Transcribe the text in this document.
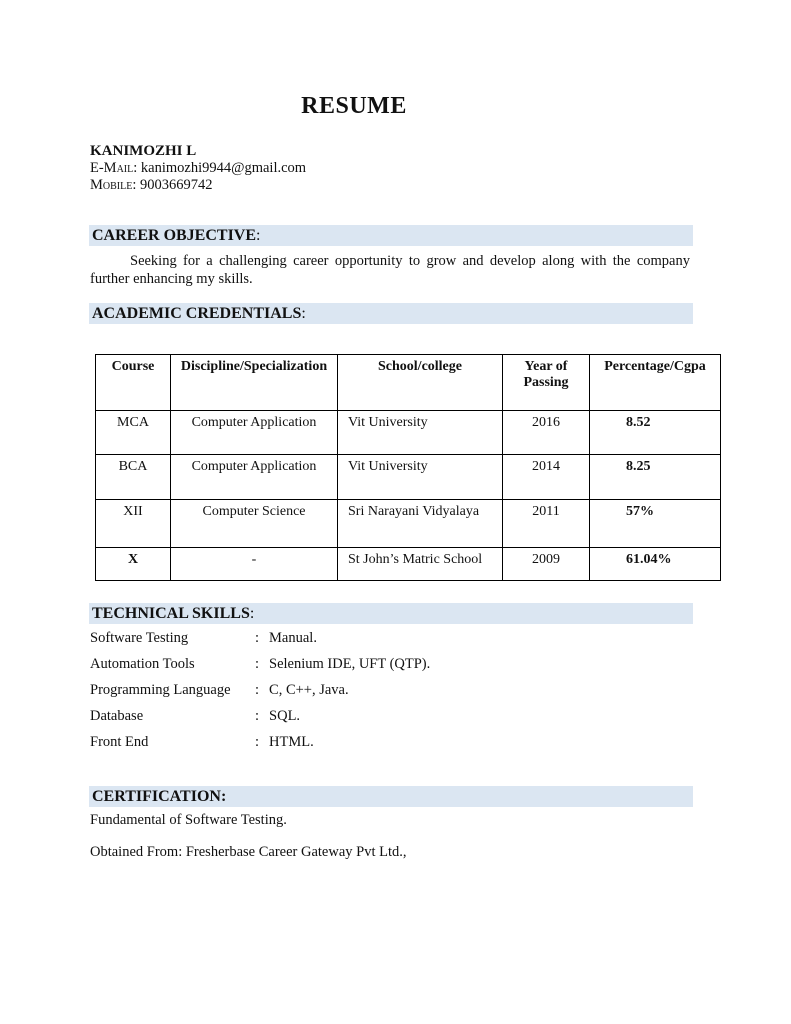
RESUME
KANIMOZHI L
E-Mail: kanimozhi9944@gmail.com
Mobile: 9003669742
CAREER OBJECTIVE:

Seeking for a challenging career opportunity to grow and develop along with the company further enhancing my skills.

ACADEMIC CREDENTIALS:
Course	Discipline/Specialization	School/college	Year of Passing	Percentage/Cgpa
MCA	Computer Application	Vit University	2016	8.52
BCA	Computer Application	Vit University	2014	8.25
XII	Computer Science	Sri Narayani Vidyalaya	2011	57%
X	-	St John’s Matric School	2009	61.04%
TECHNICAL SKILLS:
Software Testing	: Manual.
Automation Tools	: Selenium IDE, UFT (QTP).
Programming Language	: C, C++, Java.
Database	: SQL.
Front End	: HTML.
CERTIFICATION:
Fundamental of Software Testing.
Obtained From: Fresherbase Career Gateway Pvt Ltd.,
